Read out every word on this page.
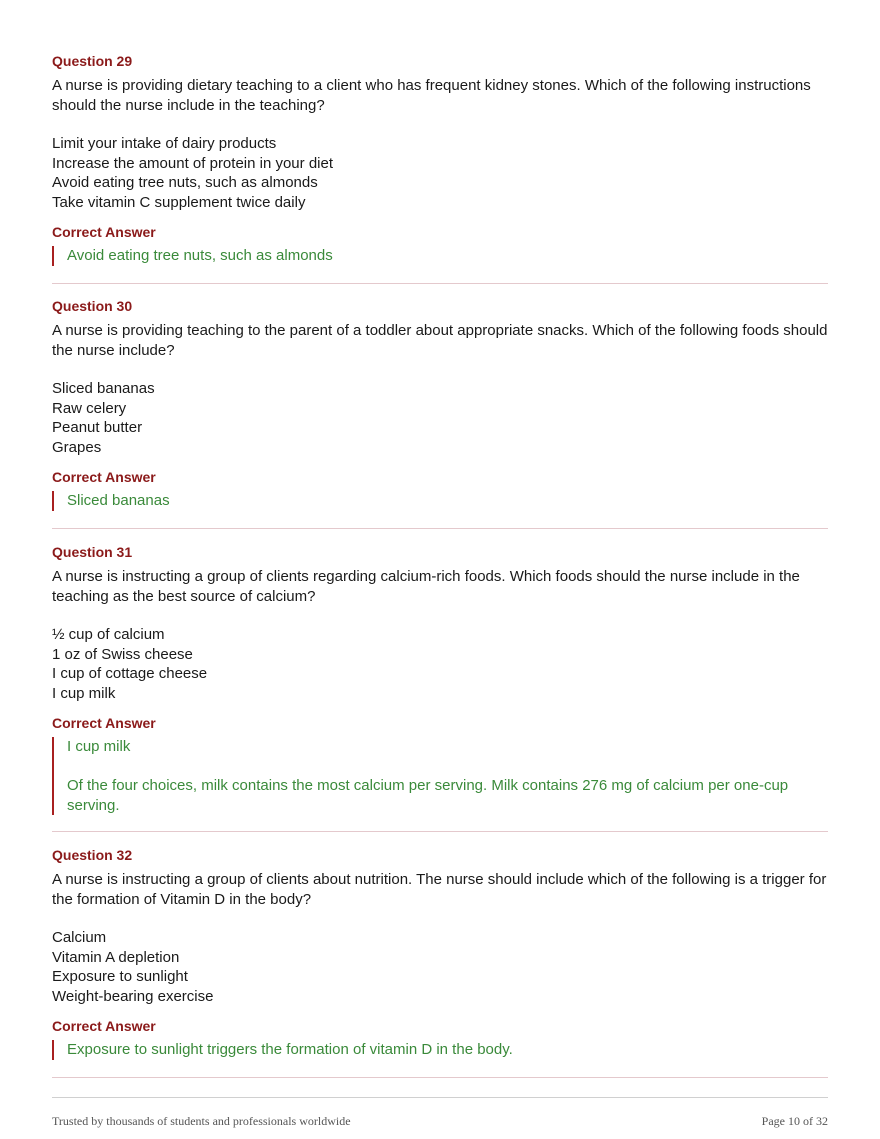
Question 29
A nurse is providing dietary teaching to a client who has frequent kidney stones. Which of the following instructions should the nurse include in the teaching?
Limit your intake of dairy products
Increase the amount of protein in your diet
Avoid eating tree nuts, such as almonds
Take vitamin C supplement twice daily
Correct Answer
Avoid eating tree nuts, such as almonds
Question 30
A nurse is providing teaching to the parent of a toddler about appropriate snacks. Which of the following foods should the nurse include?
Sliced bananas
Raw celery
Peanut butter
Grapes
Correct Answer
Sliced bananas
Question 31
A nurse is instructing a group of clients regarding calcium-rich foods. Which foods should the nurse include in the teaching as the best source of calcium?
½ cup of calcium
1 oz of Swiss cheese
I cup of cottage cheese
I cup milk
Correct Answer
I cup milk
Of the four choices, milk contains the most calcium per serving. Milk contains 276 mg of calcium per one-cup serving.
Question 32
A nurse is instructing a group of clients about nutrition. The nurse should include which of the following is a trigger for the formation of Vitamin D in the body?
Calcium
Vitamin A depletion
Exposure to sunlight
Weight-bearing exercise
Correct Answer
Exposure to sunlight triggers the formation of vitamin D in the body.
Trusted by thousands of students and professionals worldwide	Page 10 of 32
